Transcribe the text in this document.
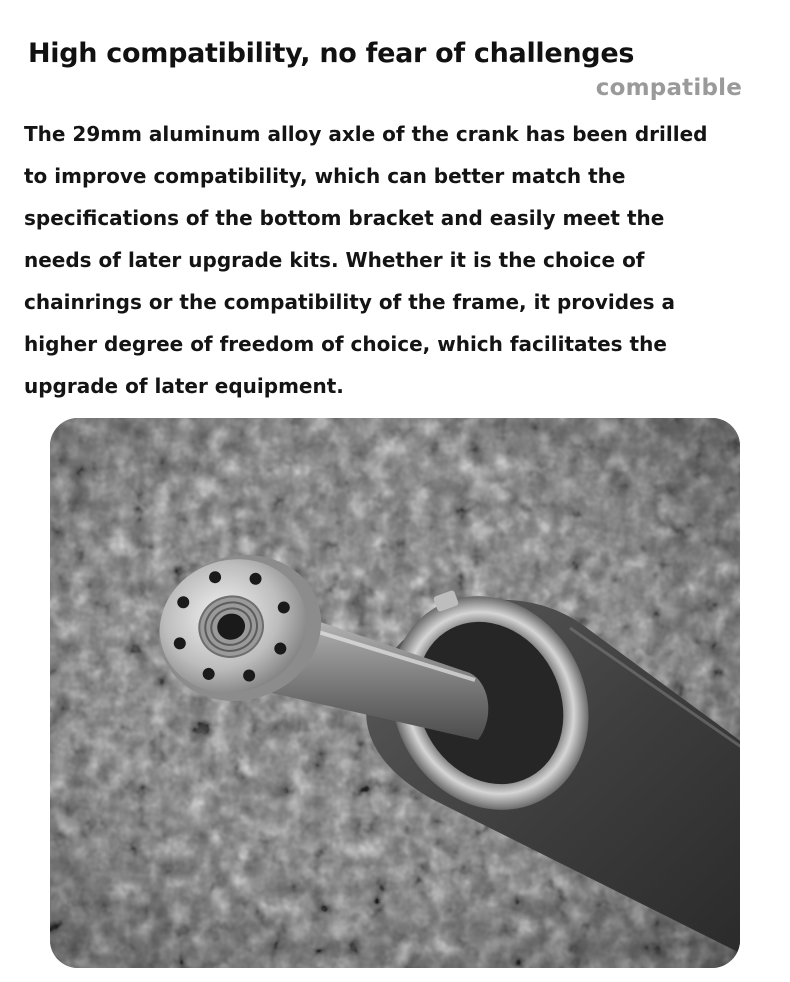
High compatibility, no fear of challenges
compatible

The 29mm aluminum alloy axle of the crank has been drilled to improve compatibility, which can better match the specifications of the bottom bracket and easily meet the needs of later upgrade kits. Whether it is the choice of chainrings or the compatibility of the frame, it provides a higher degree of freedom of choice, which facilitates the upgrade of later equipment.
